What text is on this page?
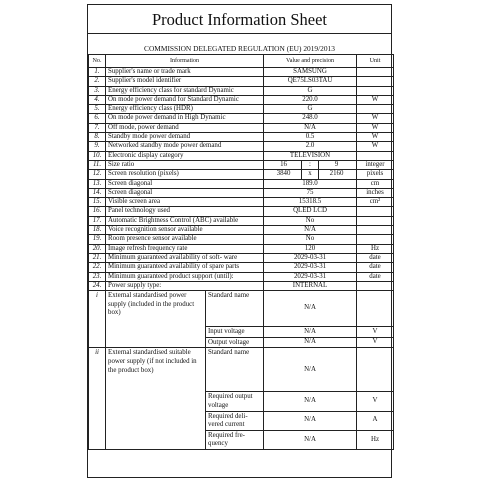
Product Information Sheet
COMMISSION DELEGATED REGULATION (EU) 2019/2013
No.	Information		Value and precision	Unit
1.	Supplier's name or trade mark		SAMSUNG	
2.	Supplier's model identifier		QE75LS03TAU	
3.	Energy efficiency class for standard Dynamic		G	
4.	On mode power demand for Standard Dynamic		220.0	W
5.	Energy efficiency class (HDR)		G	
6.	On mode power demand in High Dynamic		248.0	W
7.	Off mode, power demand		N/A	W
8.	Standby mode power demand		0.5	W
9.	Networked standby mode power demand		2.0	W
10.	Electronic display category		TELEVISION	
11.	Size ratio		16 : 9	integer
12.	Screen resolution (pixels)		3840 x 2160	pixels
13.	Screen diagonal		189.0	cm
14.	Screen diagonal		75	inches
15.	Visible screen area		15318.5	cm²
16.	Panel technology used		QLED LCD	
17.	Automatic Brightness Control (ABC) available		No	
18.	Voice recognition sensor available		N/A	
19.	Room presence sensor available		No	
20.	Image refresh frequency rate		120	Hz
21.	Minimum guaranteed availability of soft- ware		2029-03-31	date
22.	Minimum guaranteed availability of spare parts		2029-03-31	date
23.	Minimum guaranteed product support (until):		2029-03-31	date
24.	Power supply type:		INTERNAL	
i	External standardised power supply (included in the product box)	Standard name	N/A	
		Input voltage	N/A	V
		Output voltage	N/A	V
ii	External standardised suitable power supply (if not included in the product box)	Standard name	N/A	
		Required output voltage	N/A	V
		Required deli- vered current	N/A	A
		Required fre- quency	N/A	Hz
